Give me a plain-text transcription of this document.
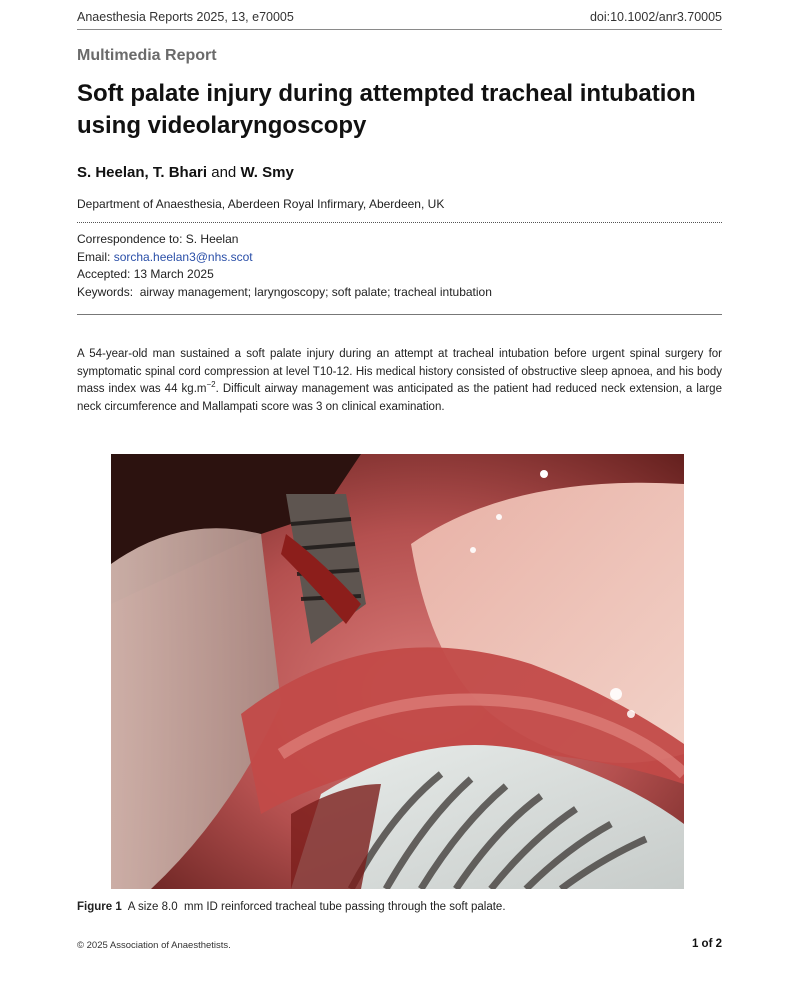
Anaesthesia Reports 2025, 13, e70005	doi:10.1002/anr3.70005
Multimedia Report
Soft palate injury during attempted tracheal intubation using videolaryngoscopy
S. Heelan, T. Bhari and W. Smy
Department of Anaesthesia, Aberdeen Royal Infirmary, Aberdeen, UK
Correspondence to: S. Heelan
Email: sorcha.heelan3@nhs.scot
Accepted: 13 March 2025
Keywords:  airway management; laryngoscopy; soft palate; tracheal intubation

A 54-year-old man sustained a soft palate injury during an attempt at tracheal intubation before urgent spinal surgery for symptomatic spinal cord compression at level T10-12. His medical history consisted of obstructive sleep apnoea, and his body mass index was 44 $kg.m^{-2}$. Difficult airway management was anticipated as the patient had reduced neck extension, a large neck circumference and Mallampati score was 3 on clinical examination.

Figure 1 A size 8.0  mm ID reinforced tracheal tube passing through the soft palate.
© 2025 Association of Anaesthetists.	1 of 2
